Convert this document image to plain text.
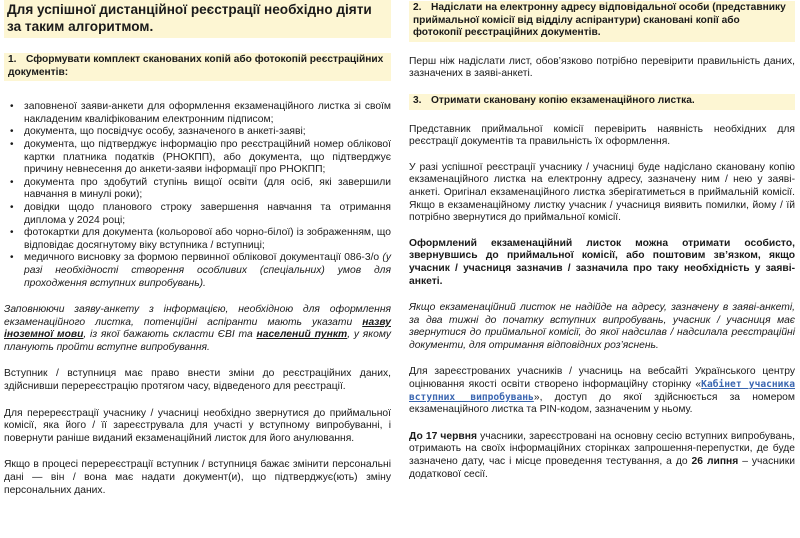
Для успішної дистанційної реєстрації необхідно діяти за таким алгоритмом.
1. Сформувати комплект сканованих копій або фотокопій реєстраційних документів:
• заповненої заяви-анкети для оформлення екзаменаційного листка зі своїм накладеним кваліфікованим електронним підписом;
• документа, що посвідчує особу, зазначеного в анкеті-заяві;
• документа, що підтверджує інформацію про реєстраційний номер облікової картки платника податків (РНОКПП), або документа, що підтверджує причину невнесення до анкети-заяви інформації про РНОКПП;
• документа про здобутий ступінь вищої освіти (для осіб, які завершили навчання в минулі роки);
• довідки щодо планового строку завершення навчання та отримання диплома у 2024 році;
• фотокартки для документа (кольорової або чорно-білої) із зображенням, що відповідає досягнутому віку вступника / вступниці;
• медичного висновку за формою первинної облікової документації 086-3/о (у разі необхідності створення особливих (спеціальних) умов для проходження вступних випробувань).

Заповнюючи заяву-анкету з інформацією, необхідною для оформлення екзаменаційного листка, потенційні аспіранти мають указати назву іноземної мови, із якої бажають скласти ЄВІ та населений пункт, у якому планують пройти вступне випробування.

Вступник / вступниця має право внести зміни до реєстраційних даних, здійснивши перереєстрацію протягом часу, відведеного для реєстрації.

Для перереєстрації учаснику / учасниці необхідно звернутися до приймальної комісії, яка його / її зареєструвала для участі у вступному випробуванні, і повернути раніше виданий екзаменаційний листок для його анулювання.

Якщо в процесі перереєстрації вступник / вступниця бажає змінити персональні дані — він / вона має надати документ(и), що підтверджує(ють) зміну персональних даних.

2. Надіслати на електронну адресу відповідальної особи (представнику приймальної комісії від відділу аспірантури) скановані копії або фотокопії реєстраційних документів.

Перш ніж надіслати лист, обов’язково потрібно перевірити правильність даних, зазначених в заяві-анкеті.

3. Отримати скановану копію екзаменаційного листка.

Представник приймальної комісії перевірить наявність необхідних для реєстрації документів та правильність їх оформлення.

У разі успішної реєстрації учаснику / учасниці буде надіслано скановану копію екзаменаційного листка на електронну адресу, зазначену ним / нею у заяві-анкеті. Оригінал екзаменаційного листка зберігатиметься в приймальній комісії. Якщо в екзаменаційному листку учасник / учасниця виявить помилки, йому / їй потрібно звернутися до приймальної комісії.

Оформлений екзаменаційний листок можна отримати особисто, звернувшись до приймальної комісії, або поштовим зв’язком, якщо учасник / учасниця зазначив / зазначила про таку необхідність у заяві-анкеті.

Якщо екзаменаційний листок не надійде на адресу, зазначену в заяві-анкеті, за два тижні до початку вступних випробувань, учасник / учасниця має звернутися до приймальної комісії, до якої надсилав / надсилала реєстраційні документи, для отримання відповідних роз’яснень.

Для зареєстрованих учасників / учасниць на вебсайті Українського центру оцінювання якості освіти створено інформаційну сторінку «Кабінет учасника вступних випробувань», доступ до якої здійснюється за номером екзаменаційного листка та PIN-кодом, зазначеним у ньому.

До 17 червня учасники, зареєстровані на основну сесію вступних випробувань, отримають на своїх інформаційних сторінках запрошення-перепустки, де буде зазначено дату, час і місце проведення тестування, а до 26 липня – учасники додаткової сесії.
